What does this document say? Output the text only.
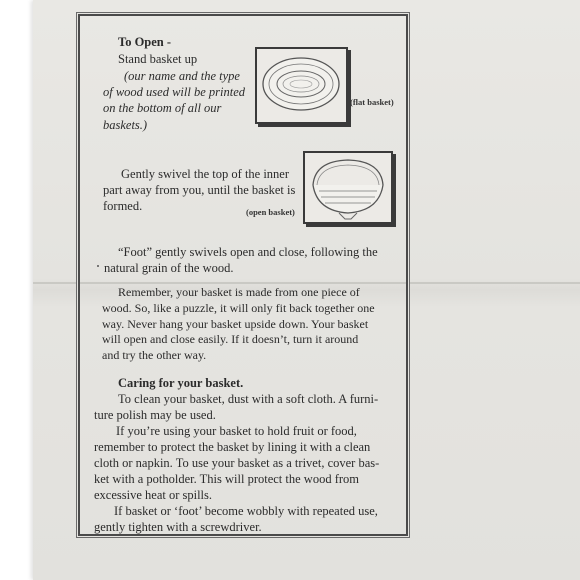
To Open -

Stand basket up

(our name and the type

of wood used will be printed

on the bottom of all our

baskets.)

(flat basket)

Gently swivel the top of the inner

part away from you, until the basket is

formed.	(open basket)

“Foot” gently swivels open and close, following the

natural grain of the wood.

Remember, your basket is made from one piece of

wood. So, like a puzzle, it will only fit back together one

way. Never hang your basket upside down. Your basket

will open and close easily. If it doesn’t, turn it around

and try the other way.

Caring for your basket.

To clean your basket, dust with a soft cloth. A furni-

ture polish may be used.

If you’re using your basket to hold fruit or food,

remember to protect the basket by lining it with a clean

cloth or napkin. To use your basket as a trivet, cover bas-

ket with a potholder. This will protect the wood from

excessive heat or spills.

If basket or ‘foot’ become wobbly with repeated use,

gently tighten with a screwdriver.
